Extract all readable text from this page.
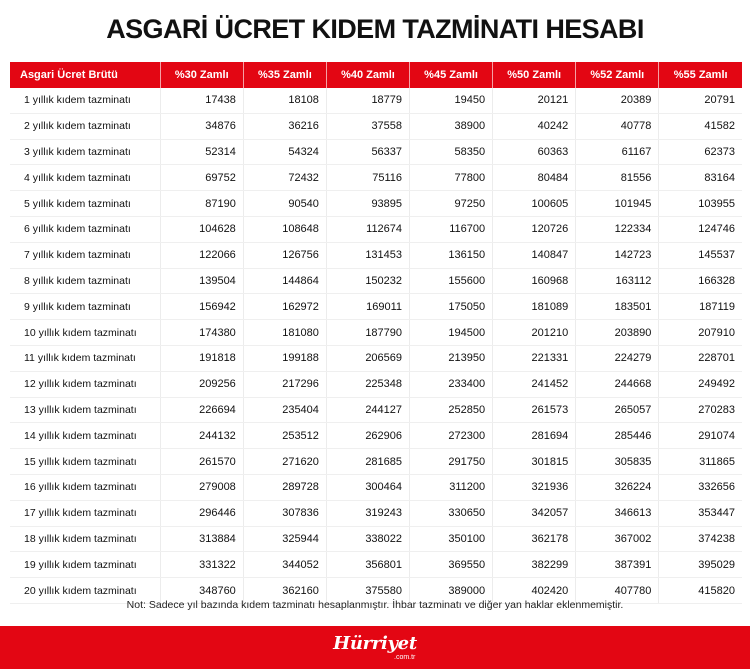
ASGARİ ÜCRET KIDEM TAZMİNATI HESABI
Asgari Ücret Brütü	%30 Zamlı	%35 Zamlı	%40 Zamlı	%45 Zamlı	%50 Zamlı	%52 Zamlı	%55 Zamlı
1 yıllık kıdem tazminatı	17438	18108	18779	19450	20121	20389	20791
2 yıllık kıdem tazminatı	34876	36216	37558	38900	40242	40778	41582
3 yıllık kıdem tazminatı	52314	54324	56337	58350	60363	61167	62373
4 yıllık kıdem tazminatı	69752	72432	75116	77800	80484	81556	83164
5 yıllık kıdem tazminatı	87190	90540	93895	97250	100605	101945	103955
6 yıllık kıdem tazminatı	104628	108648	112674	116700	120726	122334	124746
7 yıllık kıdem tazminatı	122066	126756	131453	136150	140847	142723	145537
8 yıllık kıdem tazminatı	139504	144864	150232	155600	160968	163112	166328
9 yıllık kıdem tazminatı	156942	162972	169011	175050	181089	183501	187119
10 yıllık kıdem tazminatı	174380	181080	187790	194500	201210	203890	207910
11 yıllık kıdem tazminatı	191818	199188	206569	213950	221331	224279	228701
12 yıllık kıdem tazminatı	209256	217296	225348	233400	241452	244668	249492
13 yıllık kıdem tazminatı	226694	235404	244127	252850	261573	265057	270283
14 yıllık kıdem tazminatı	244132	253512	262906	272300	281694	285446	291074
15 yıllık kıdem tazminatı	261570	271620	281685	291750	301815	305835	311865
16 yıllık kıdem tazminatı	279008	289728	300464	311200	321936	326224	332656
17 yıllık kıdem tazminatı	296446	307836	319243	330650	342057	346613	353447
18 yıllık kıdem tazminatı	313884	325944	338022	350100	362178	367002	374238
19 yıllık kıdem tazminatı	331322	344052	356801	369550	382299	387391	395029
20 yıllık kıdem tazminatı	348760	362160	375580	389000	402420	407780	415820
Not: Sadece yıl bazında kıdem tazminatı hesaplanmıştır. İhbar tazminatı ve diğer yan haklar eklenmemiştir.
Hürriyet
.com.tr
